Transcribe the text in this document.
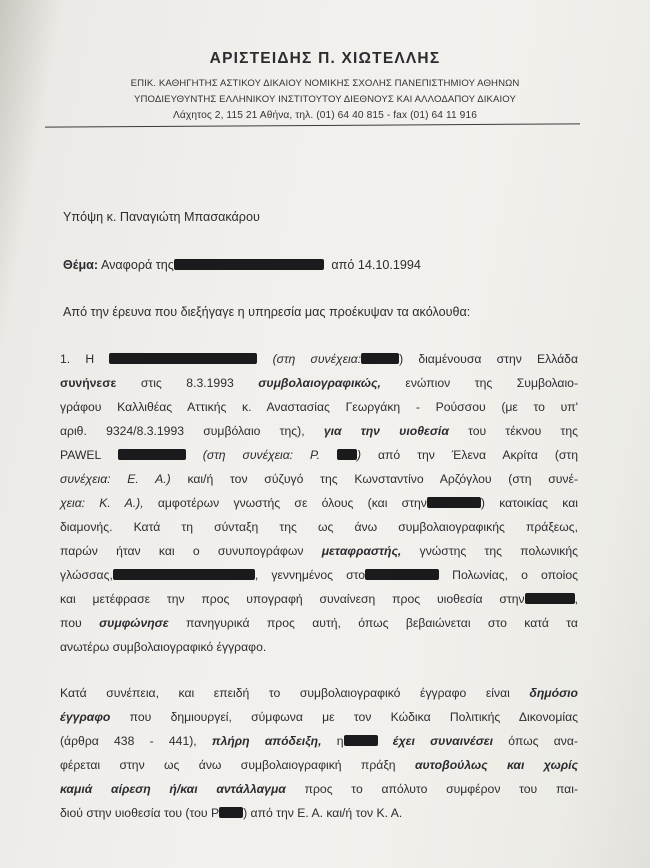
ΑΡΙΣΤΕΙΔΗΣ Π. ΧΙΩΤΕΛΛΗΣ
ΕΠΙΚ. ΚΑΘΗΓΗΤΗΣ ΑΣΤΙΚΟΥ ΔΙΚΑΙΟΥ ΝΟΜΙΚΗΣ ΣΧΟΛΗΣ ΠΑΝΕΠΙΣΤΗΜΙΟΥ ΑΘΗΝΩΝ
ΥΠΟΔΙΕΥΘΥΝΤΗΣ ΕΛΛΗΝΙΚΟΥ ΙΝΣΤΙΤΟΥΤΟΥ ΔΙΕΘΝΟΥΣ ΚΑΙ ΑΛΛΟΔΑΠΟΥ ΔΙΚΑΙΟΥ
Λάχητος 2, 115 21 Αθήνα, τηλ. (01) 64 40 815 - fax (01) 64 11 916
Υπόψη κ. Παναγιώτη Μπασακάρου
Θέμα: Αναφορά της	από 14.10.1994
Από την έρευνα που διεξήγαγε η υπηρεσία μας προέκυψαν τα ακόλουθα:
1. Η	(στη συνέχεια:	) διαμένουσα στην Ελλάδα
συνήνεσε στις 8.3.1993 συμβολαιογραφικώς, ενώπιον της Συμβολαιο-
γράφου Καλλιθέας Αττικής κ. Αναστασίας Γεωργάκη - Ρούσσου (με το υπ'
αριθ. 9324/8.3.1993 συμβόλαιο της), για την υιοθεσία του τέκνου της
PAWEL	(στη συνέχεια: Ρ.	) από την Έλενα Ακρίτα (στη
συνέχεια: Ε. Α.) και/ή τον σύζυγό της Κωνσταντίνο Αρζόγλου (στη συνέ-
χεια: Κ. Α.), αμφοτέρων γνωστής σε όλους (και στην	) κατοικίας και
διαμονής. Κατά τη σύνταξη της ως άνω συμβολαιογραφικής πράξεως,
παρών ήταν και ο συνυπογράφων μεταφραστής, γνώστης της πολωνικής
γλώσσας,	, γεννημένος στο	Πολωνίας, ο οποίος
και μετέφρασε την προς υπογραφή συναίνεση προς υιοθεσία στην	,
που συμφώνησε πανηγυρικά προς αυτή, όπως βεβαιώνεται στο κατά τα
ανωτέρω συμβολαιογραφικό έγγραφο.
Κατά συνέπεια, και επειδή το συμβολαιογραφικό έγγραφο είναι δημόσιο
έγγραφο που δημιουργεί, σύμφωνα με τον Κώδικα Πολιτικής Δικονομίας
(άρθρα 438 - 441), πλήρη απόδειξη, η	έχει συναινέσει όπως ανα-
φέρεται στην ως άνω συμβολαιογραφική πράξη αυτοβούλως και χωρίς
καμιά αίρεση ή/και αντάλλαγμα προς το απόλυτο συμφέρον του παι-
διού στην υιοθεσία του (του Ρ ) από την Ε. Α. και/ή τον Κ. Α.
